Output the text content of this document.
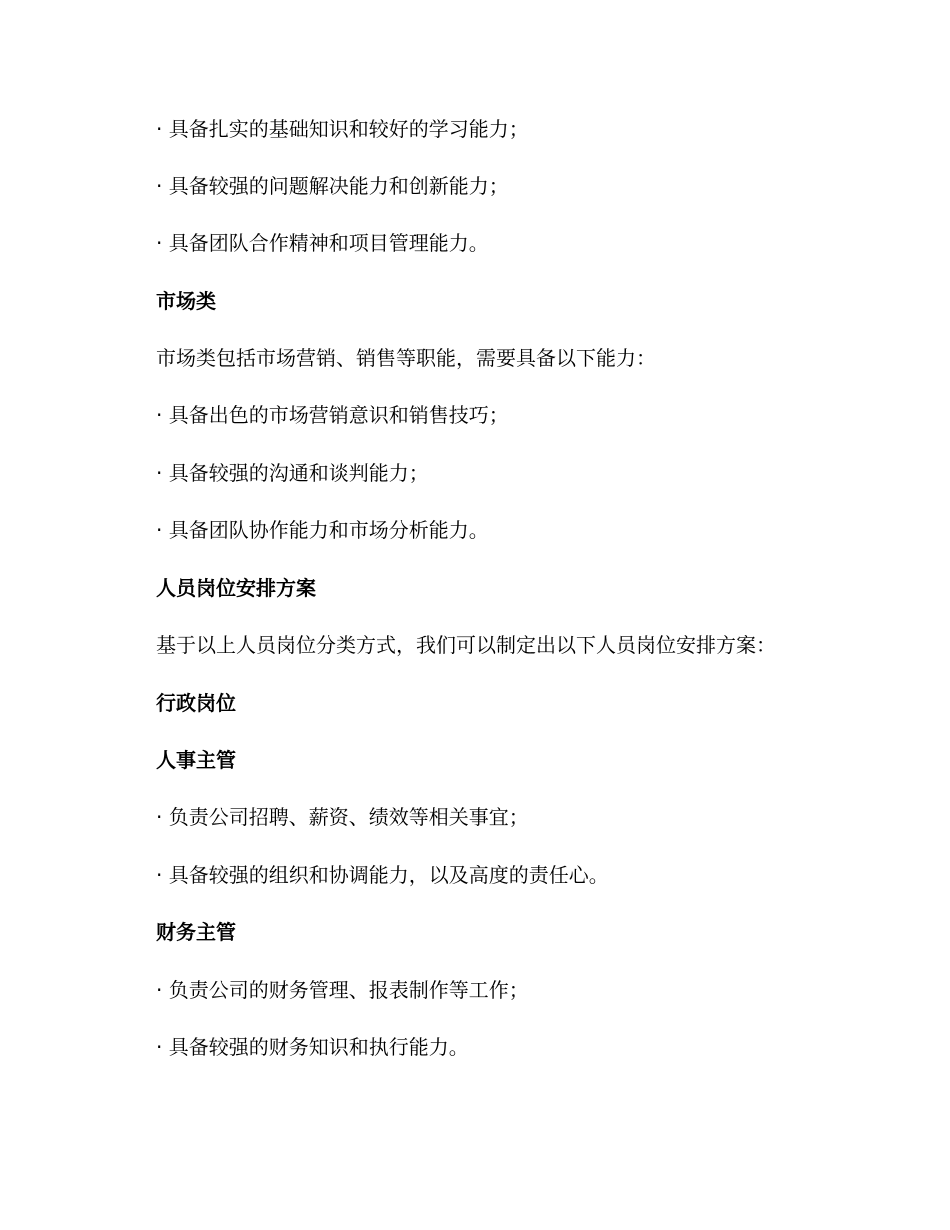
· 具备扎实的基础知识和较好的学习能力；
· 具备较强的问题解决能力和创新能力；
· 具备团队合作精神和项目管理能力。
市场类
市场类包括市场营销、销售等职能，需要具备以下能力：
· 具备出色的市场营销意识和销售技巧；
· 具备较强的沟通和谈判能力；
· 具备团队协作能力和市场分析能力。
人员岗位安排方案
基于以上人员岗位分类方式，我们可以制定出以下人员岗位安排方案：
行政岗位
人事主管
· 负责公司招聘、薪资、绩效等相关事宜；
· 具备较强的组织和协调能力，以及高度的责任心。
财务主管
· 负责公司的财务管理、报表制作等工作；
· 具备较强的财务知识和执行能力。
